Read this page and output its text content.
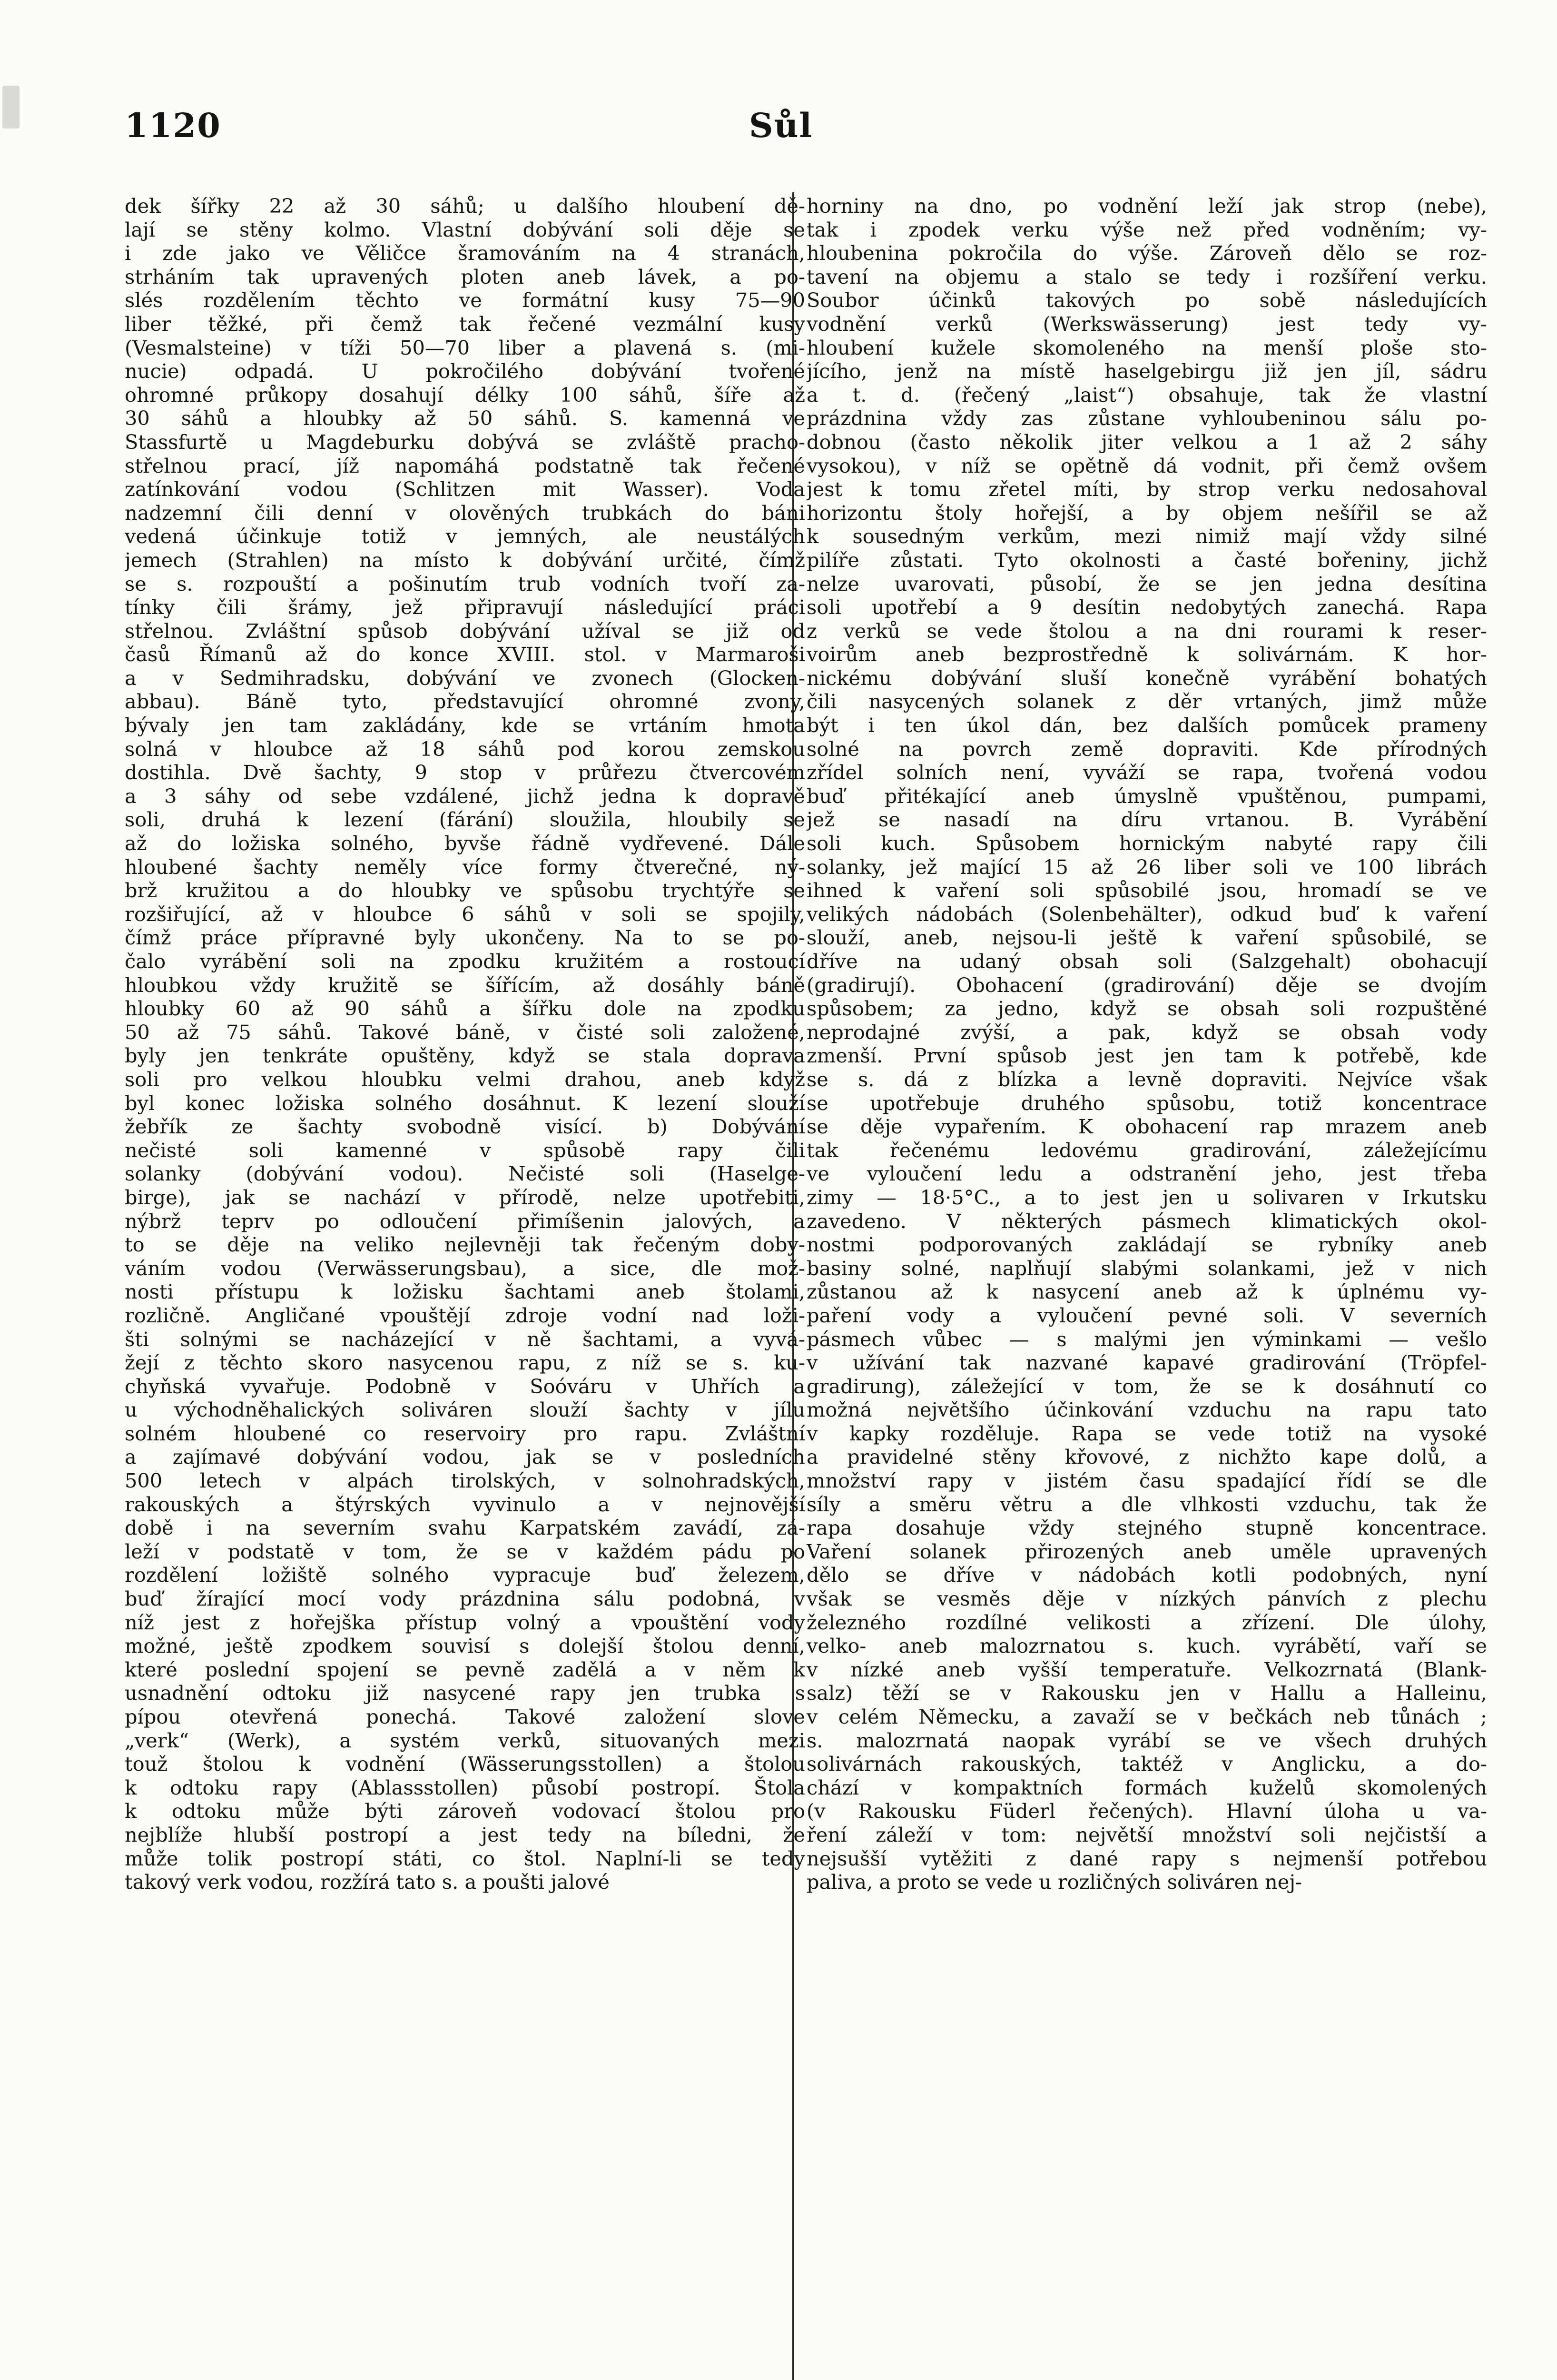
1120	Sůl
dek šířky 22 až 30 sáhů; u dalšího hloubení dě-
lají se stěny kolmo. Vlastní dobývání soli děje se
i zde jako ve Věličce šramováním na 4 stranách,
strháním tak upravených ploten aneb lávek, a po-
slés rozdělením těchto ve formátní kusy 75—90
liber těžké, při čemž tak řečené vezmální kusy
(Vesmalsteine) v tíži 50—70 liber a plavená s. (mi-
nucie) odpadá. U pokročilého dobývání tvořené
ohromné průkopy dosahují délky 100 sáhů, šíře až
30 sáhů a hloubky až 50 sáhů. S. kamenná ve
Stassfurtě u Magdeburku dobývá se zvláště pracho-
střelnou prací, jíž napomáhá podstatně tak řečené
zatínkování vodou (Schlitzen mit Wasser). Voda
nadzemní čili denní v olověných trubkách do báni
vedená účinkuje totiž v jemných, ale neustálých
jemech (Strahlen) na místo k dobývání určité, čímž
se s. rozpouští a pošinutím trub vodních tvoří za-
tínky čili šrámy, jež připravují následující práci
střelnou. Zvláštní spůsob dobývání užíval se již od
časů Římanů až do konce XVIII. stol. v Marmaroši
a v Sedmihradsku, dobývání ve zvonech (Glocken-
abbau). Báně tyto, představující ohromné zvony,
bývaly jen tam zakládány, kde se vrtáním hmota
solná v hloubce až 18 sáhů pod korou zemskou
dostihla. Dvě šachty, 9 stop v průřezu čtvercovém
a 3 sáhy od sebe vzdálené, jichž jedna k dopravě
soli, druhá k lezení (fárání) sloužila, hloubily se
až do ložiska solného, byvše řádně vydřevené. Dále
hloubené šachty neměly více formy čtverečné, ný-
brž kružitou a do hloubky ve spůsobu trychtýře se
rozšiřující, až v hloubce 6 sáhů v soli se spojily,
čímž práce přípravné byly ukončeny. Na to se po-
čalo vyrábění soli na zpodku kružitém a rostoucí
hloubkou vždy kružitě se šířícím, až dosáhly báně
hloubky 60 až 90 sáhů a šířku dole na zpodku
50 až 75 sáhů. Takové báně, v čisté soli založené,
byly jen tenkráte opuštěny, když se stala doprava
soli pro velkou hloubku velmi drahou, aneb když
byl konec ložiska solného dosáhnut. K lezení slouží
žebřík ze šachty svobodně visící. b) Dobývání
nečisté soli kamenné v spůsobě rapy čili
solanky (dobývání vodou). Nečisté soli (Haselge-
birge), jak se nachází v přírodě, nelze upotřebiti,
nýbrž teprv po odloučení přimíšenin jalových, a
to se děje na veliko nejlevněji tak řečeným doby-
váním vodou (Verwässerungsbau), a sice, dle mož-
nosti přístupu k ložisku šachtami aneb štolami,
rozličně. Angličané vpouštějí zdroje vodní nad loži-
šti solnými se nacházející v ně šachtami, a vyvá-
žejí z těchto skoro nasycenou rapu, z níž se s. ku-
chyňská vyvařuje. Podobně v Soóváru v Uhřích a
u východněhalických soliváren slouží šachty v jílu
solném hloubené co reservoiry pro rapu. Zvláštní
a zajímavé dobývání vodou, jak se v posledních
500 letech v alpách tirolských, v solnohradských,
rakouských a štýrských vyvinulo a v nejnovější
době i na severním svahu Karpatském zavádí, zá-
leží v podstatě v tom, že se v každém pádu po
rozdělení ložiště solného vypracuje buď železem,
buď žírající mocí vody prázdnina sálu podobná, v
níž jest z hořejška přístup volný a vpouštění vody
možné, ještě zpodkem souvisí s dolejší štolou denní,
které poslední spojení se pevně zadělá a v něm k
usnadnění odtoku již nasycené rapy jen trubka s
pípou otevřená ponechá. Takové založení slove
„verk“ (Werk), a systém verků, situovaných mezi
touž štolou k vodnění (Wässerungsstollen) a štolou
k odtoku rapy (Ablassstollen) působí postropí. Štola
k odtoku může býti zároveň vodovací štolou pro
nejblíže hlubší postropí a jest tedy na bíledni, že
může tolik postropí státi, co štol. Naplní-li se tedy
takový verk vodou, rozžírá tato s. a poušti jalové
horniny na dno, po vodnění leží jak strop (nebe),
tak i zpodek verku výše než před vodněním; vy-
hloubenina pokročila do výše. Zároveň dělo se roz-
tavení na objemu a stalo se tedy i rozšíření verku.
Soubor účinků takových po sobě následujících
vodnění verků (Werkswässerung) jest tedy vy-
hloubení kužele skomoleného na menší ploše sto-
jícího, jenž na místě haselgebirgu již jen jíl, sádru
a t. d. (řečený „laist“) obsahuje, tak že vlastní
prázdnina vždy zas zůstane vyhloubeninou sálu po-
dobnou (často několik jiter velkou a 1 až 2 sáhy
vysokou), v níž se opětně dá vodnit, při čemž ovšem
jest k tomu zřetel míti, by strop verku nedosahoval
horizontu štoly hořejší, a by objem nešířil se až
k sousedným verkům, mezi nimiž mají vždy silné
pilíře zůstati. Tyto okolnosti a časté bořeniny, jichž
nelze uvarovati, působí, že se jen jedna desítina
soli upotřebí a 9 desítin nedobytých zanechá. Rapa
z verků se vede štolou a na dni rourami k reser-
voirům aneb bezprostředně k solivárnám. K hor-
nickému dobývání sluší konečně vyrábění bohatých
čili nasycených solanek z děr vrtaných, jimž může
být i ten úkol dán, bez dalších pomůcek prameny
solné na povrch země dopraviti. Kde přírodných
zřídel solních není, vyváží se rapa, tvořená vodou
buď přitékající aneb úmyslně vpuštěnou, pumpami,
jež se nasadí na díru vrtanou. B. Vyrábění
soli kuch. Spůsobem hornickým nabyté rapy čili
solanky, jež mající 15 až 26 liber soli ve 100 librách
ihned k vaření soli spůsobilé jsou, hromadí se ve
velikých nádobách (Solenbehälter), odkud buď k vaření
slouží, aneb, nejsou-li ještě k vaření spůsobilé, se
dříve na udaný obsah soli (Salzgehalt) obohacují
(gradirují). Obohacení (gradirování) děje se dvojím
spůsobem; za jedno, když se obsah soli rozpuštěné
neprodajné zvýší, a pak, když se obsah vody
zmenší. První spůsob jest jen tam k potřebě, kde
se s. dá z blízka a levně dopraviti. Nejvíce však
se upotřebuje druhého spůsobu, totiž koncentrace
se děje vypařením. K obohacení rap mrazem aneb
tak řečenému ledovému gradirování, záležejícímu
ve vyloučení ledu a odstranění jeho, jest třeba
zimy — 18·5°C., a to jest jen u solivaren v Irkutsku
zavedeno. V některých pásmech klimatických okol-
nostmi podporovaných zakládají se rybníky aneb
basiny solné, naplňují slabými solankami, jež v nich
zůstanou až k nasycení aneb až k úplnému vy-
paření vody a vyloučení pevné soli. V severních
pásmech vůbec — s malými jen výminkami — vešlo
v užívání tak nazvané kapavé gradirování (Tröpfel-
gradirung), záležející v tom, že se k dosáhnutí co
možná největšího účinkování vzduchu na rapu tato
v kapky rozděluje. Rapa se vede totiž na vysoké
a pravidelné stěny křovové, z nichžto kape dolů, a
množství rapy v jistém času spadající řídí se dle
síly a směru větru a dle vlhkosti vzduchu, tak že
rapa dosahuje vždy stejného stupně koncentrace.
Vaření solanek přirozených aneb uměle upravených
dělo se dříve v nádobách kotli podobných, nyní
však se vesměs děje v nízkých pánvích z plechu
železného rozdílné velikosti a zřízení. Dle úlohy,
velko- aneb malozrnatou s. kuch. vyrábětí, vaří se
v nízké aneb vyšší temperatuře. Velkozrnatá (Blank-
salz) těží se v Rakousku jen v Hallu a Halleinu,
v celém Německu, a zavaží se v bečkách neb tůnách ;
s. malozrnatá naopak vyrábí se ve všech druhých
solivárnách rakouských, taktéž v Anglicku, a do-
chází v kompaktních formách kuželů skomolených
(v Rakousku Füderl řečených). Hlavní úloha u va-
ření záleží v tom: největší množství soli nejčistší a
nejsušší vytěžiti z dané rapy s nejmenší potřebou
paliva, a proto se vede u rozličných soliváren nej-
